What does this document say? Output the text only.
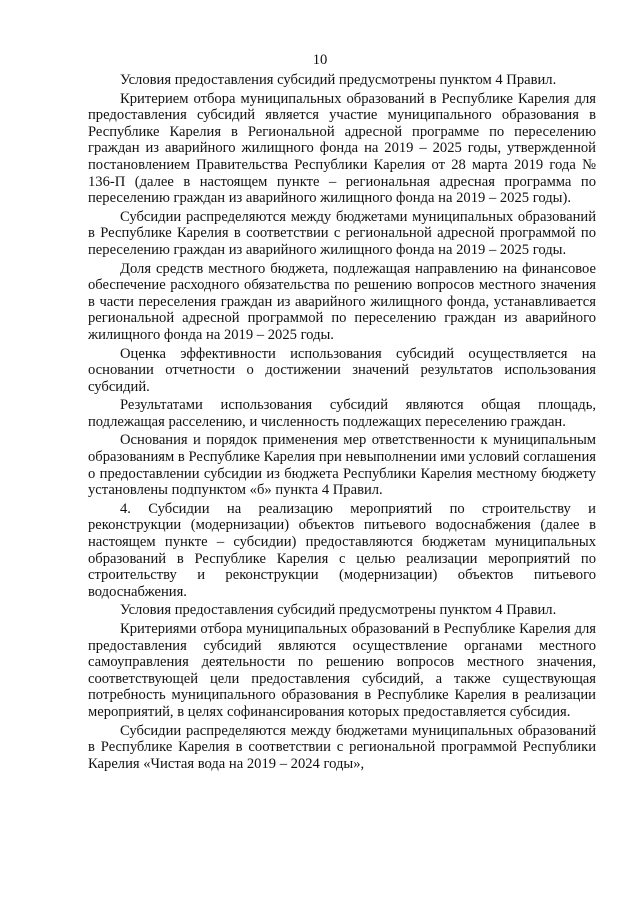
10

Условия предоставления субсидий предусмотрены пунктом 4 Правил.

Критерием отбора муниципальных образований в Республике Карелия для предоставления субсидий является участие муниципального образования в Республике Карелия в Региональной адресной программе по переселению граждан из аварийного жилищного фонда на 2019 – 2025 годы, утвержденной постановлением Правительства Республики Карелия от 28 марта 2019 года № 136-П (далее в настоящем пункте – региональная адресная программа по переселению граждан из аварийного жилищного фонда на 2019 – 2025 годы).

Субсидии распределяются между бюджетами муниципальных образований в Республике Карелия в соответствии с региональной адресной программой по переселению граждан из аварийного жилищного фонда на 2019 – 2025 годы.

Доля средств местного бюджета, подлежащая направлению на финансовое обеспечение расходного обязательства по решению вопросов местного значения в части переселения граждан из аварийного жилищного фонда, устанавливается региональной адресной программой по переселению граждан из аварийного жилищного фонда на 2019 – 2025 годы.

Оценка эффективности использования субсидий осуществляется на основании отчетности о достижении значений результатов использования субсидий.

Результатами использования субсидий являются общая площадь, подлежащая расселению, и численность подлежащих переселению граждан.

Основания и порядок применения мер ответственности к муниципальным образованиям в Республике Карелия при невыполнении ими условий соглашения о предоставлении субсидии из бюджета Республики Карелия местному бюджету установлены подпунктом «б» пункта 4 Правил.

4. Субсидии на реализацию мероприятий по строительству и реконструкции (модернизации) объектов питьевого водоснабжения (далее в настоящем пункте – субсидии) предоставляются бюджетам муниципальных образований в Республике Карелия с целью реализации мероприятий по строительству и реконструкции (модернизации) объектов питьевого водоснабжения.

Условия предоставления субсидий предусмотрены пунктом 4 Правил.

Критериями отбора муниципальных образований в Республике Карелия для предоставления субсидий являются осуществление органами местного самоуправления деятельности по решению вопросов местного значения, соответствующей цели предоставления субсидий, а также существующая потребность муниципального образования в Республике Карелия в реализации мероприятий, в целях софинансирования которых предоставляется субсидия.

Субсидии распределяются между бюджетами муниципальных образований в Республике Карелия в соответствии с региональной программой Республики Карелия «Чистая вода на 2019 – 2024 годы»,
